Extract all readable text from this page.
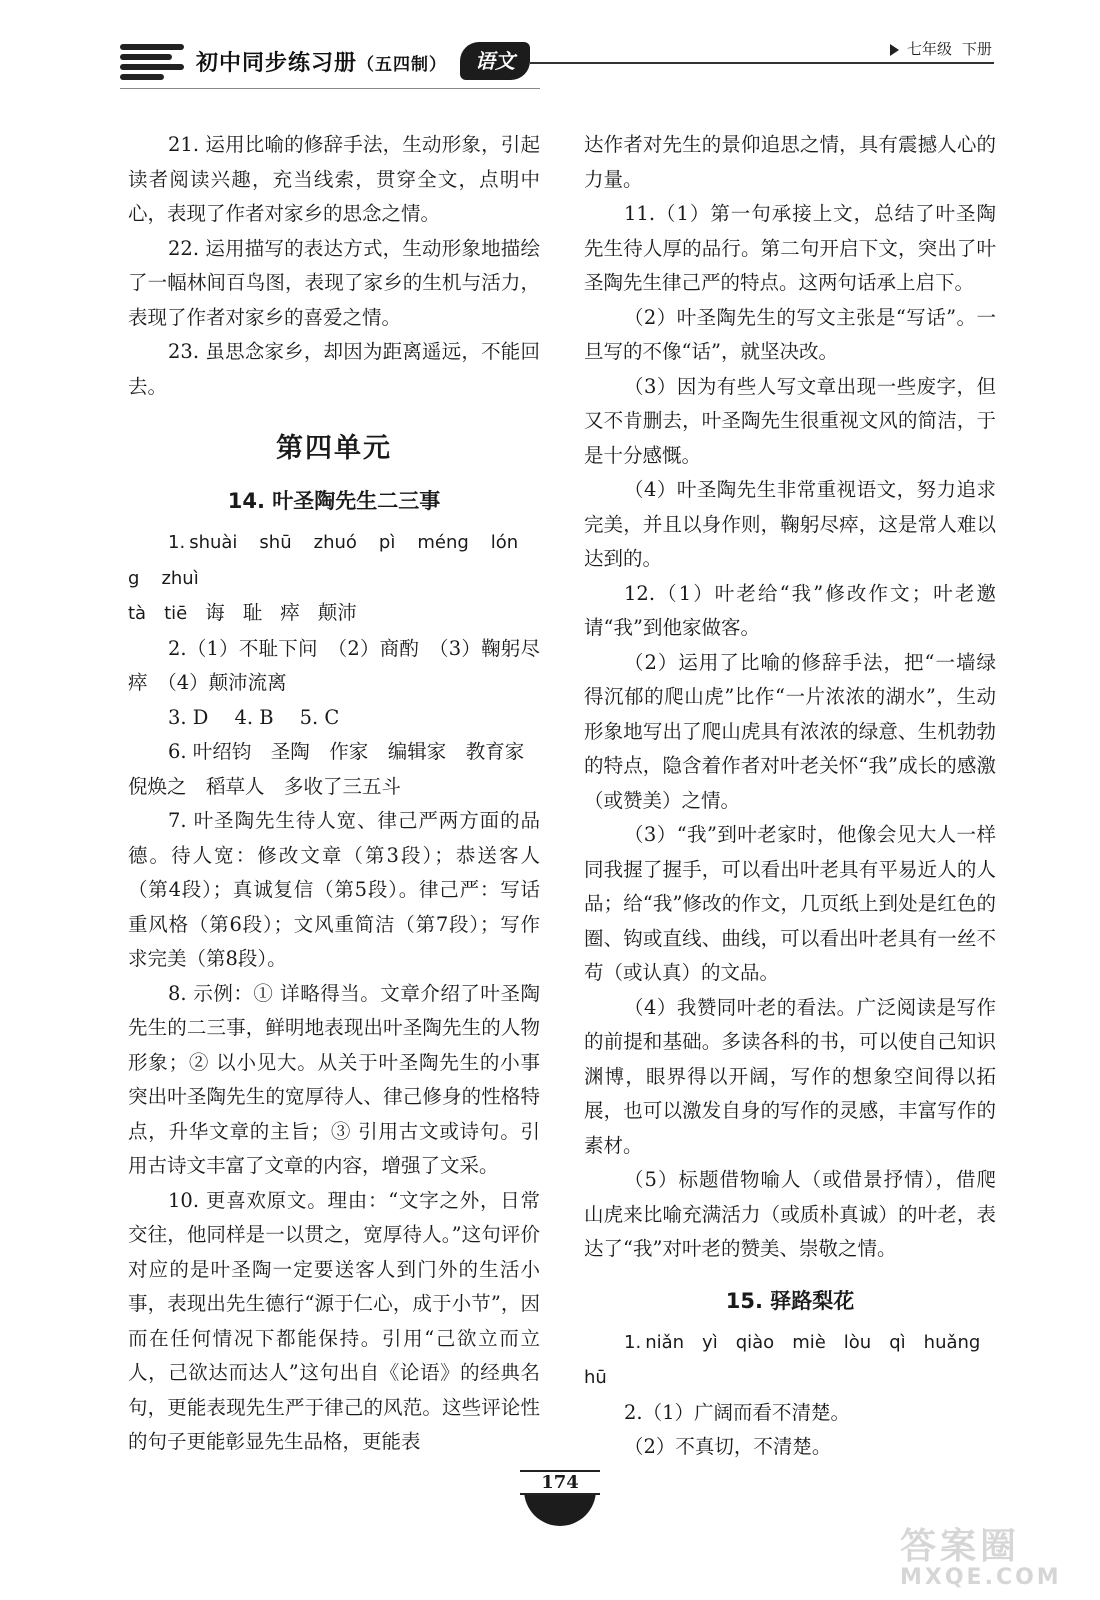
初中同步练习册（五四制）	语文	七年级 下册

21. 运用比喻的修辞手法，生动形象，引起读者阅读兴趣，充当线索，贯穿全文，点明中心，表现了作者对家乡的思念之情。

22. 运用描写的表达方式，生动形象地描绘了一幅林间百鸟图，表现了家乡的生机与活力，表现了作者对家乡的喜爱之情。

23. 虽思念家乡，却因为距离遥远，不能回去。

第四单元
14. 叶圣陶先生二三事

1. shuài shū zhuó pì méng lóng zhuì

tà tiē 诲 耻 瘁 颠沛

2.（1）不耻下问　（2）商酌　（3）鞠躬尽瘁　（4）颠沛流离

3. D 4. B 5. C

6. 叶绍钧　圣陶　作家　编辑家　教育家

倪焕之　稻草人　多收了三五斗

7. 叶圣陶先生待人宽、律己严两方面的品德。待人宽：修改文章（第3段）；恭送客人（第4段）；真诚复信（第5段）。律己严：写话重风格（第6段）；文风重简洁（第7段）；写作求完美（第8段）。

8. 示例：① 详略得当。文章介绍了叶圣陶先生的二三事，鲜明地表现出叶圣陶先生的人物形象；② 以小见大。从关于叶圣陶先生的小事突出叶圣陶先生的宽厚待人、律己修身的性格特点，升华文章的主旨；③ 引用古文或诗句。引用古诗文丰富了文章的内容，增强了文采。

10. 更喜欢原文。理由：“文字之外，日常交往，他同样是一以贯之，宽厚待人。”这句评价对应的是叶圣陶一定要送客人到门外的生活小事，表现出先生德行“源于仁心，成于小节”，因而在任何情况下都能保持。引用“己欲立而立人，己欲达而达人”这句出自《论语》的经典名句，更能表现先生严于律己的风范。这些评论性的句子更能彰显先生品格，更能表

达作者对先生的景仰追思之情，具有震撼人心的力量。

11.（1）第一句承接上文，总结了叶圣陶先生待人厚的品行。第二句开启下文，突出了叶圣陶先生律己严的特点。这两句话承上启下。

（2）叶圣陶先生的写文主张是“写话”。一旦写的不像“话”，就坚决改。

（3）因为有些人写文章出现一些废字，但又不肯删去，叶圣陶先生很重视文风的简洁，于是十分感慨。

（4）叶圣陶先生非常重视语文，努力追求完美，并且以身作则，鞠躬尽瘁，这是常人难以达到的。

12.（1）叶老给“我”修改作文；叶老邀请“我”到他家做客。

（2）运用了比喻的修辞手法，把“一墙绿得沉郁的爬山虎”比作“一片浓浓的湖水”，生动形象地写出了爬山虎具有浓浓的绿意、生机勃勃的特点，隐含着作者对叶老关怀“我”成长的感激（或赞美）之情。

（3）“我”到叶老家时，他像会见大人一样同我握了握手，可以看出叶老具有平易近人的人品；给“我”修改的作文，几页纸上到处是红色的圈、钩或直线、曲线，可以看出叶老具有一丝不苟（或认真）的文品。

（4）我赞同叶老的看法。广泛阅读是写作的前提和基础。多读各科的书，可以使自己知识渊博，眼界得以开阔，写作的想象空间得以拓展，也可以激发自身的写作的灵感，丰富写作的素材。

（5）标题借物喻人（或借景抒情），借爬山虎来比喻充满活力（或质朴真诚）的叶老，表达了“我”对叶老的赞美、崇敬之情。

15. 驿路梨花

1. niǎn yì qiào miè lòu qì huǎng hū

2.（1）广阔而看不清楚。

（2）不真切，不清楚。

174
答案圈
MXQE.COM
